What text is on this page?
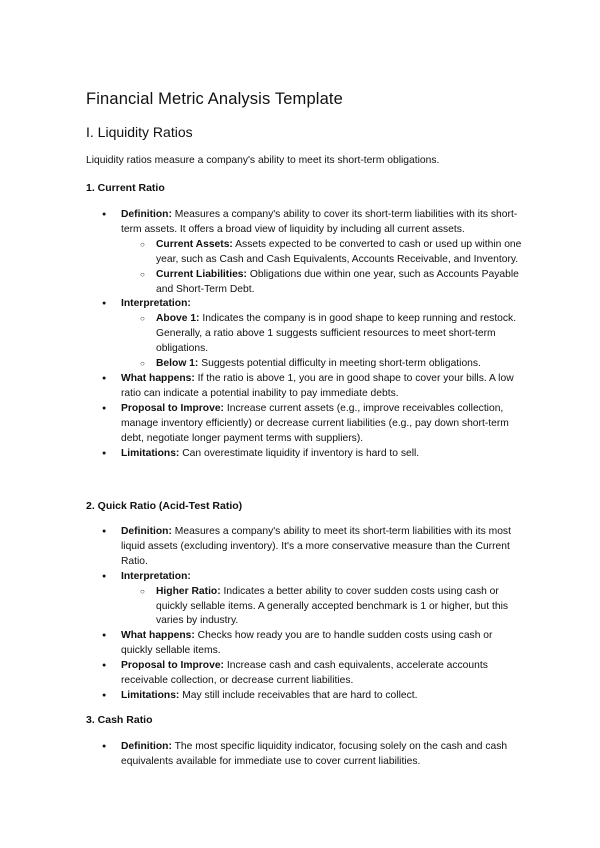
Financial Metric Analysis Template
I. Liquidity Ratios
Liquidity ratios measure a company's ability to meet its short-term obligations.
1. Current Ratio
● Definition: Measures a company's ability to cover its short-term liabilities with its short-term assets. It offers a broad view of liquidity by including all current assets.
○ Current Assets: Assets expected to be converted to cash or used up within one year, such as Cash and Cash Equivalents, Accounts Receivable, and Inventory.
○ Current Liabilities: Obligations due within one year, such as Accounts Payable and Short-Term Debt.
● Interpretation:
○ Above 1: Indicates the company is in good shape to keep running and restock. Generally, a ratio above 1 suggests sufficient resources to meet short-term obligations.
○ Below 1: Suggests potential difficulty in meeting short-term obligations.
● What happens: If the ratio is above 1, you are in good shape to cover your bills. A low ratio can indicate a potential inability to pay immediate debts.
● Proposal to Improve: Increase current assets (e.g., improve receivables collection, manage inventory efficiently) or decrease current liabilities (e.g., pay down short-term debt, negotiate longer payment terms with suppliers).
● Limitations: Can overestimate liquidity if inventory is hard to sell.
2. Quick Ratio (Acid-Test Ratio)
● Definition: Measures a company's ability to meet its short-term liabilities with its most liquid assets (excluding inventory). It's a more conservative measure than the Current Ratio.
● Interpretation:
○ Higher Ratio: Indicates a better ability to cover sudden costs using cash or quickly sellable items. A generally accepted benchmark is 1 or higher, but this varies by industry.
● What happens: Checks how ready you are to handle sudden costs using cash or quickly sellable items.
● Proposal to Improve: Increase cash and cash equivalents, accelerate accounts receivable collection, or decrease current liabilities.
● Limitations: May still include receivables that are hard to collect.
3. Cash Ratio
● Definition: The most specific liquidity indicator, focusing solely on the cash and cash equivalents available for immediate use to cover current liabilities.
